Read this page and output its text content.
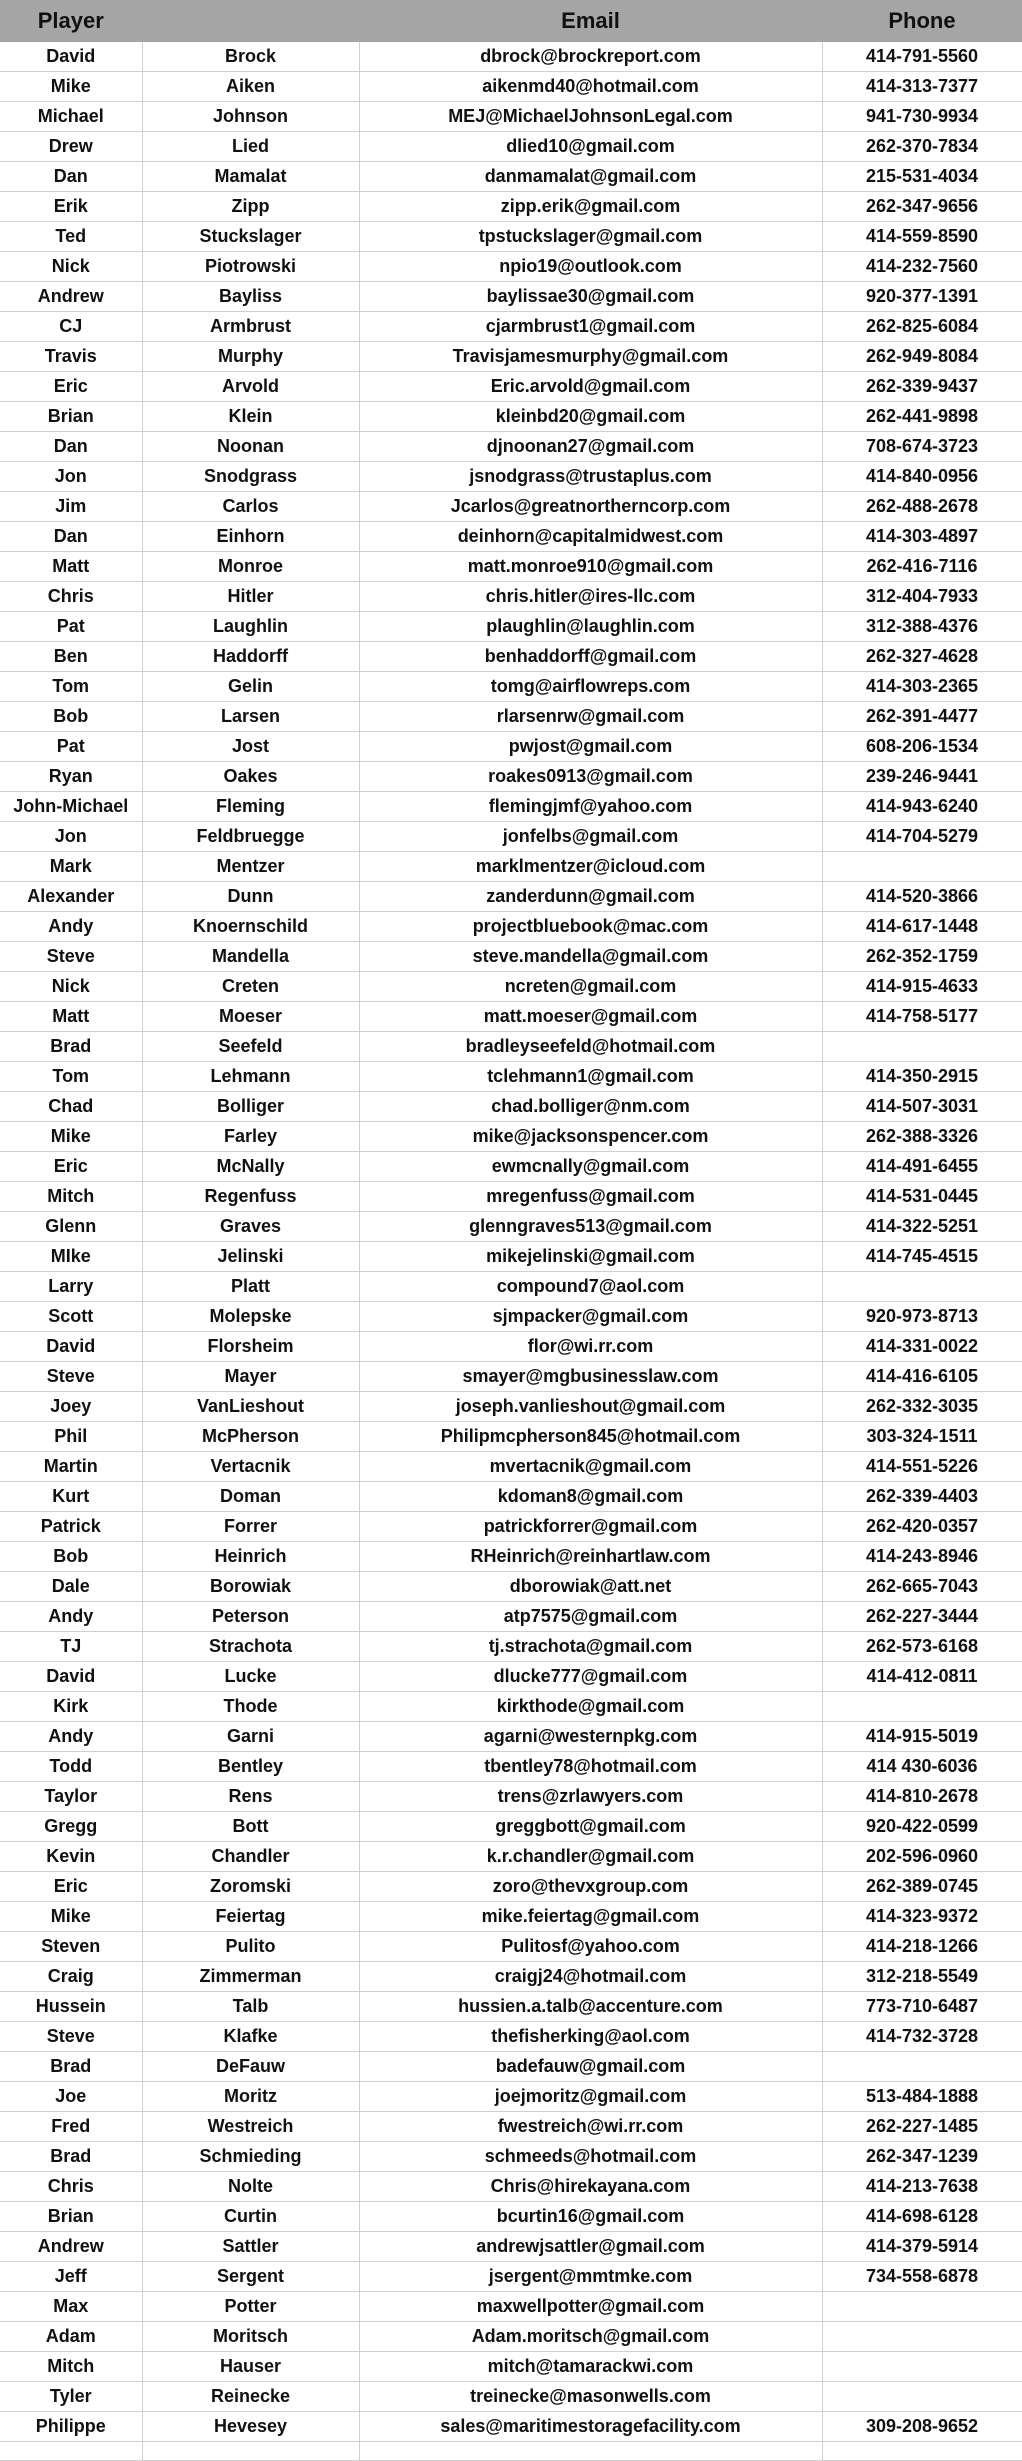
Player		Email	Phone
David	Brock	dbrock@brockreport.com	414-791-5560
Mike	Aiken	aikenmd40@hotmail.com	414-313-7377
Michael	Johnson	MEJ@MichaelJohnsonLegal.com	941-730-9934
Drew	Lied	dlied10@gmail.com	262-370-7834
Dan	Mamalat	danmamalat@gmail.com	215-531-4034
Erik	Zipp	zipp.erik@gmail.com	262-347-9656
Ted	Stuckslager	tpstuckslager@gmail.com	414-559-8590
Nick	Piotrowski	npio19@outlook.com	414-232-7560
Andrew	Bayliss	baylissae30@gmail.com	920-377-1391
CJ	Armbrust	cjarmbrust1@gmail.com	262-825-6084
Travis	Murphy	Travisjamesmurphy@gmail.com	262-949-8084
Eric	Arvold	Eric.arvold@gmail.com	262-339-9437
Brian	Klein	kleinbd20@gmail.com	262-441-9898
Dan	Noonan	djnoonan27@gmail.com	708-674-3723
Jon	Snodgrass	jsnodgrass@trustaplus.com	414-840-0956
Jim	Carlos	Jcarlos@greatnortherncorp.com	262-488-2678
Dan	Einhorn	deinhorn@capitalmidwest.com	414-303-4897
Matt	Monroe	matt.monroe910@gmail.com	262-416-7116
Chris	Hitler	chris.hitler@ires-llc.com	312-404-7933
Pat	Laughlin	plaughlin@laughlin.com	312-388-4376
Ben	Haddorff	benhaddorff@gmail.com	262-327-4628
Tom	Gelin	tomg@airflowreps.com	414-303-2365
Bob	Larsen	rlarsenrw@gmail.com	262-391-4477
Pat	Jost	pwjost@gmail.com	608-206-1534
Ryan	Oakes	roakes0913@gmail.com	239-246-9441
John-Michael	Fleming	flemingjmf@yahoo.com	414-943-6240
Jon	Feldbruegge	jonfelbs@gmail.com	414-704-5279
Mark	Mentzer	marklmentzer@icloud.com	
Alexander	Dunn	zanderdunn@gmail.com	414-520-3866
Andy	Knoernschild	projectbluebook@mac.com	414-617-1448
Steve	Mandella	steve.mandella@gmail.com	262-352-1759
Nick	Creten	ncreten@gmail.com	414-915-4633
Matt	Moeser	matt.moeser@gmail.com	414-758-5177
Brad	Seefeld	bradleyseefeld@hotmail.com	
Tom	Lehmann	tclehmann1@gmail.com	414-350-2915
Chad	Bolliger	chad.bolliger@nm.com	414-507-3031
Mike	Farley	mike@jacksonspencer.com	262-388-3326
Eric	McNally	ewmcnally@gmail.com	414-491-6455
Mitch	Regenfuss	mregenfuss@gmail.com	414-531-0445
Glenn	Graves	glenngraves513@gmail.com	414-322-5251
MIke	Jelinski	mikejelinski@gmail.com	414-745-4515
Larry	Platt	compound7@aol.com	
Scott	Molepske	sjmpacker@gmail.com	920-973-8713
David	Florsheim	flor@wi.rr.com	414-331-0022
Steve	Mayer	smayer@mgbusinesslaw.com	414-416-6105
Joey	VanLieshout	joseph.vanlieshout@gmail.com	262-332-3035
Phil	McPherson	Philipmcpherson845@hotmail.com	303-324-1511
Martin	Vertacnik	mvertacnik@gmail.com	414-551-5226
Kurt	Doman	kdoman8@gmail.com	262-339-4403
Patrick	Forrer	patrickforrer@gmail.com	262-420-0357
Bob	Heinrich	RHeinrich@reinhartlaw.com	414-243-8946
Dale	Borowiak	dborowiak@att.net	262-665-7043
Andy	Peterson	atp7575@gmail.com	262-227-3444
TJ	Strachota	tj.strachota@gmail.com	262-573-6168
David	Lucke	dlucke777@gmail.com	414-412-0811
Kirk	Thode	kirkthode@gmail.com	
Andy	Garni	agarni@westernpkg.com	414-915-5019
Todd	Bentley	tbentley78@hotmail.com	414 430-6036
Taylor	Rens	trens@zrlawyers.com	414-810-2678
Gregg	Bott	greggbott@gmail.com	920-422-0599
Kevin	Chandler	k.r.chandler@gmail.com	202-596-0960
Eric	Zoromski	zoro@thevxgroup.com	262-389-0745
Mike	Feiertag	mike.feiertag@gmail.com	414-323-9372
Steven	Pulito	Pulitosf@yahoo.com	414-218-1266
Craig	Zimmerman	craigj24@hotmail.com	312-218-5549
Hussein	Talb	hussien.a.talb@accenture.com	773-710-6487
Steve	Klafke	thefisherking@aol.com	414-732-3728
Brad	DeFauw	badefauw@gmail.com	
Joe	Moritz	joejmoritz@gmail.com	513-484-1888
Fred	Westreich	fwestreich@wi.rr.com	262-227-1485
Brad	Schmieding	schmeeds@hotmail.com	262-347-1239
Chris	Nolte	Chris@hirekayana.com	414-213-7638
Brian	Curtin	bcurtin16@gmail.com	414-698-6128
Andrew	Sattler	andrewjsattler@gmail.com	414-379-5914
Jeff	Sergent	jsergent@mmtmke.com	734-558-6878
Max	Potter	maxwellpotter@gmail.com	
Adam	Moritsch	Adam.moritsch@gmail.com	
Mitch	Hauser	mitch@tamarackwi.com	
Tyler	Reinecke	treinecke@masonwells.com	
Philippe	Hevesey	sales@maritimestoragefacility.com	309-208-9652
